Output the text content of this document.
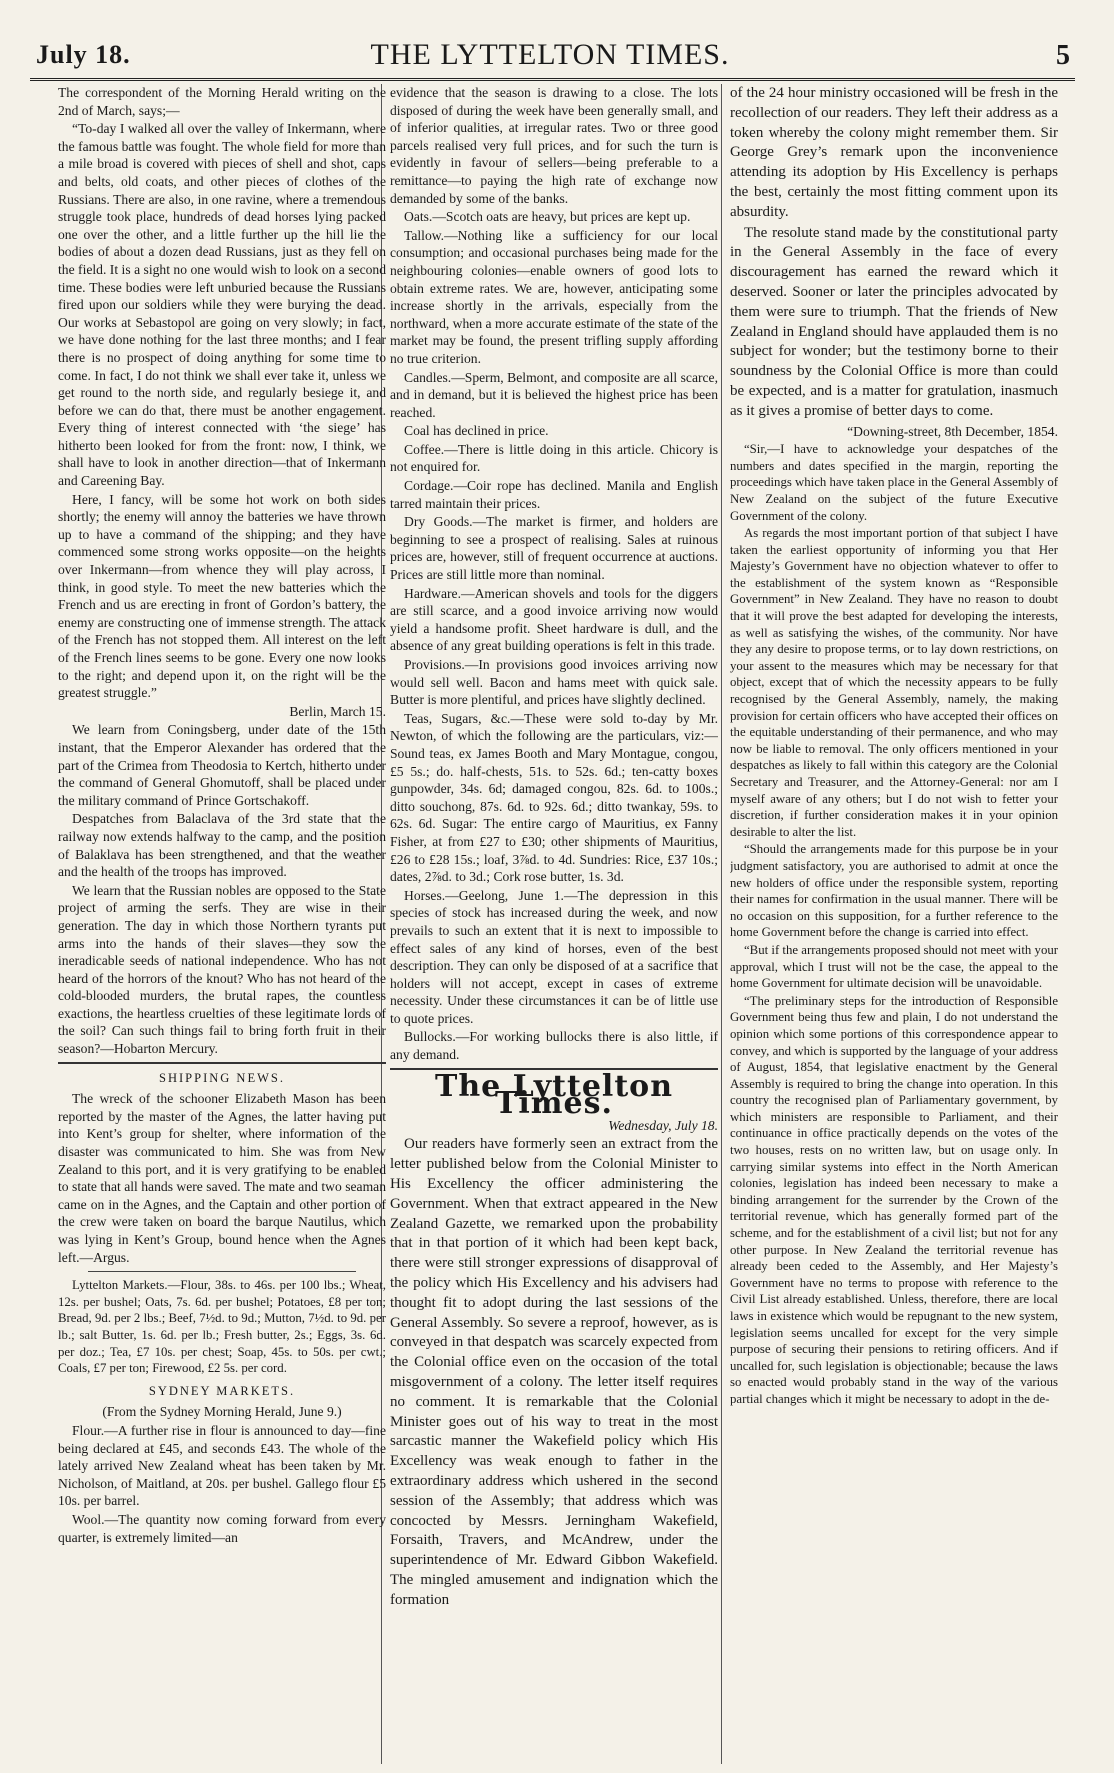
July 18.	THE LYTTELTON TIMES.	5

The correspondent of the Morning Herald writing on the 2nd of March, says;—

“To-day I walked all over the valley of Inkermann, where the famous battle was fought. The whole field for more than a mile broad is covered with pieces of shell and shot, caps and belts, old coats, and other pieces of clothes of the Russians. There are also, in one ravine, where a tremendous struggle took place, hundreds of dead horses lying packed one over the other, and a little further up the hill lie the bodies of about a dozen dead Russians, just as they fell on the field. It is a sight no one would wish to look on a second time. These bodies were left unburied because the Russians fired upon our soldiers while they were burying the dead. Our works at Sebastopol are going on very slowly; in fact, we have done nothing for the last three months; and I fear there is no prospect of doing anything for some time to come. In fact, I do not think we shall ever take it, unless we get round to the north side, and regularly besiege it, and before we can do that, there must be another engagement. Every thing of interest connected with ‘the siege’ has hitherto been looked for from the front: now, I think, we shall have to look in another direction—that of Inkermann and Careening Bay.

Here, I fancy, will be some hot work on both sides shortly; the enemy will annoy the batteries we have thrown up to have a command of the shipping; and they have commenced some strong works opposite—on the heights over Inkermann—from whence they will play across, I think, in good style. To meet the new batteries which the French and us are erecting in front of Gordon’s battery, the enemy are constructing one of immense strength. The attack of the French has not stopped them. All interest on the left of the French lines seems to be gone. Every one now looks to the right; and depend upon it, on the right will be the greatest struggle.”

Berlin, March 15.

We learn from Coningsberg, under date of the 15th instant, that the Emperor Alexander has ordered that the part of the Crimea from Theodosia to Kertch, hitherto under the command of General Ghomutoff, shall be placed under the military command of Prince Gortschakoff.

Despatches from Balaclava of the 3rd state that the railway now extends halfway to the camp, and the position of Balaklava has been strengthened, and that the weather and the health of the troops has improved.

We learn that the Russian nobles are opposed to the State project of arming the serfs. They are wise in their generation. The day in which those Northern tyrants put arms into the hands of their slaves—they sow the ineradicable seeds of national independence. Who has not heard of the horrors of the knout? Who has not heard of the cold-blooded murders, the brutal rapes, the countless exactions, the heartless cruelties of these legitimate lords of the soil? Can such things fail to bring forth fruit in their season?—Hobarton Mercury.

SHIPPING NEWS.

The wreck of the schooner Elizabeth Mason has been reported by the master of the Agnes, the latter having put into Kent’s group for shelter, where information of the disaster was communicated to him. She was from New Zealand to this port, and it is very gratifying to be enabled to state that all hands were saved. The mate and two seaman came on in the Agnes, and the Captain and other portion of the crew were taken on board the barque Nautilus, which was lying in Kent’s Group, bound hence when the Agnes left.—Argus.

Lyttelton Markets.—Flour, 38s. to 46s. per 100 lbs.; Wheat, 12s. per bushel; Oats, 7s. 6d. per bushel; Potatoes, £8 per ton; Bread, 9d. per 2 lbs.; Beef, 7½d. to 9d.; Mutton, 7½d. to 9d. per lb.; salt Butter, 1s. 6d. per lb.; Fresh butter, 2s.; Eggs, 3s. 6d. per doz.; Tea, £7 10s. per chest; Soap, 45s. to 50s. per cwt.; Coals, £7 per ton; Firewood, £2 5s. per cord.

SYDNEY MARKETS.

(From the Sydney Morning Herald, June 9.)

Flour.—A further rise in flour is announced to day—fine being declared at £45, and seconds £43. The whole of the lately arrived New Zealand wheat has been taken by Mr. Nicholson, of Maitland, at 20s. per bushel. Gallego flour £5 10s. per barrel.

Wool.—The quantity now coming forward from every quarter, is extremely limited—an

evidence that the season is drawing to a close. The lots disposed of during the week have been generally small, and of inferior qualities, at irregular rates. Two or three good parcels realised very full prices, and for such the turn is evidently in favour of sellers—being preferable to a remittance—to paying the high rate of exchange now demanded by some of the banks.

Oats.—Scotch oats are heavy, but prices are kept up.

Tallow.—Nothing like a sufficiency for our local consumption; and occasional purchases being made for the neighbouring colonies—enable owners of good lots to obtain extreme rates. We are, however, anticipating some increase shortly in the arrivals, especially from the northward, when a more accurate estimate of the state of the market may be found, the present trifling supply affording no true criterion.

Candles.—Sperm, Belmont, and composite are all scarce, and in demand, but it is believed the highest price has been reached.

Coal has declined in price.

Coffee.—There is little doing in this article. Chicory is not enquired for.

Cordage.—Coir rope has declined. Manila and English tarred maintain their prices.

Dry Goods.—The market is firmer, and holders are beginning to see a prospect of realising. Sales at ruinous prices are, however, still of frequent occurrence at auctions. Prices are still little more than nominal.

Hardware.—American shovels and tools for the diggers are still scarce, and a good invoice arriving now would yield a handsome profit. Sheet hardware is dull, and the absence of any great building operations is felt in this trade.

Provisions.—In provisions good invoices arriving now would sell well. Bacon and hams meet with quick sale. Butter is more plentiful, and prices have slightly declined.

Teas, Sugars, &c.—These were sold to-day by Mr. Newton, of which the following are the particulars, viz:—Sound teas, ex James Booth and Mary Montague, congou, £5 5s.; do. half-chests, 51s. to 52s. 6d.; ten-catty boxes gunpowder, 34s. 6d; damaged congou, 82s. 6d. to 100s.; ditto souchong, 87s. 6d. to 92s. 6d.; ditto twankay, 59s. to 62s. 6d. Sugar: The entire cargo of Mauritius, ex Fanny Fisher, at from £27 to £30; other shipments of Mauritius, £26 to £28 15s.; loaf, 3⅞d. to 4d. Sundries: Rice, £37 10s.; dates, 2⅞d. to 3d.; Cork rose butter, 1s. 3d.

Horses.—Geelong, June 1.—The depression in this species of stock has increased during the week, and now prevails to such an extent that it is next to impossible to effect sales of any kind of horses, even of the best description. They can only be disposed of at a sacrifice that holders will not accept, except in cases of extreme necessity. Under these circumstances it can be of little use to quote prices.

Bullocks.—For working bullocks there is also little, if any demand.

The Lyttelton Times.

Wednesday, July 18.

Our readers have formerly seen an extract from the letter published below from the Colonial Minister to His Excellency the officer administering the Government. When that extract appeared in the New Zealand Gazette, we remarked upon the probability that in that portion of it which had been kept back, there were still stronger expressions of disapproval of the policy which His Excellency and his advisers had thought fit to adopt during the last sessions of the General Assembly. So severe a reproof, however, as is conveyed in that despatch was scarcely expected from the Colonial office even on the occasion of the total misgovernment of a colony. The letter itself requires no comment. It is remarkable that the Colonial Minister goes out of his way to treat in the most sarcastic manner the Wakefield policy which His Excellency was weak enough to father in the extraordinary address which ushered in the second session of the Assembly; that address which was concocted by Messrs. Jerningham Wakefield, Forsaith, Travers, and McAndrew, under the superintendence of Mr. Edward Gibbon Wakefield. The mingled amusement and indignation which the formation

of the 24 hour ministry occasioned will be fresh in the recollection of our readers. They left their address as a token whereby the colony might remember them. Sir George Grey’s remark upon the inconvenience attending its adoption by His Excellency is perhaps the best, certainly the most fitting comment upon its absurdity.

The resolute stand made by the constitutional party in the General Assembly in the face of every discouragement has earned the reward which it deserved. Sooner or later the principles advocated by them were sure to triumph. That the friends of New Zealand in England should have applauded them is no subject for wonder; but the testimony borne to their soundness by the Colonial Office is more than could be expected, and is a matter for gratulation, inasmuch as it gives a promise of better days to come.

“Downing-street, 8th December, 1854.

“Sir,—I have to acknowledge your despatches of the numbers and dates specified in the margin, reporting the proceedings which have taken place in the General Assembly of New Zealand on the subject of the future Executive Government of the colony.

As regards the most important portion of that subject I have taken the earliest opportunity of informing you that Her Majesty’s Government have no objection whatever to offer to the establishment of the system known as “Responsible Government” in New Zealand. They have no reason to doubt that it will prove the best adapted for developing the interests, as well as satisfying the wishes, of the community. Nor have they any desire to propose terms, or to lay down restrictions, on your assent to the measures which may be necessary for that object, except that of which the necessity appears to be fully recognised by the General Assembly, namely, the making provision for certain officers who have accepted their offices on the equitable understanding of their permanence, and who may now be liable to removal. The only officers mentioned in your despatches as likely to fall within this category are the Colonial Secretary and Treasurer, and the Attorney-General: nor am I myself aware of any others; but I do not wish to fetter your discretion, if further consideration makes it in your opinion desirable to alter the list.

“Should the arrangements made for this purpose be in your judgment satisfactory, you are authorised to admit at once the new holders of office under the responsible system, reporting their names for confirmation in the usual manner. There will be no occasion on this supposition, for a further reference to the home Government before the change is carried into effect.

“But if the arrangements proposed should not meet with your approval, which I trust will not be the case, the appeal to the home Government for ultimate decision will be unavoidable.

“The preliminary steps for the introduction of Responsible Government being thus few and plain, I do not understand the opinion which some portions of this correspondence appear to convey, and which is supported by the language of your address of August, 1854, that legislative enactment by the General Assembly is required to bring the change into operation. In this country the recognised plan of Parliamentary government, by which ministers are responsible to Parliament, and their continuance in office practically depends on the votes of the two houses, rests on no written law, but on usage only. In carrying similar systems into effect in the North American colonies, legislation has indeed been necessary to make a binding arrangement for the surrender by the Crown of the territorial revenue, which has generally formed part of the scheme, and for the establishment of a civil list; but not for any other purpose. In New Zealand the territorial revenue has already been ceded to the Assembly, and Her Majesty’s Government have no terms to propose with reference to the Civil List already established. Unless, therefore, there are local laws in existence which would be repugnant to the new system, legislation seems uncalled for except for the very simple purpose of securing their pensions to retiring officers. And if uncalled for, such legislation is objectionable; because the laws so enacted would probably stand in the way of the various partial changes which it might be necessary to adopt in the de-
